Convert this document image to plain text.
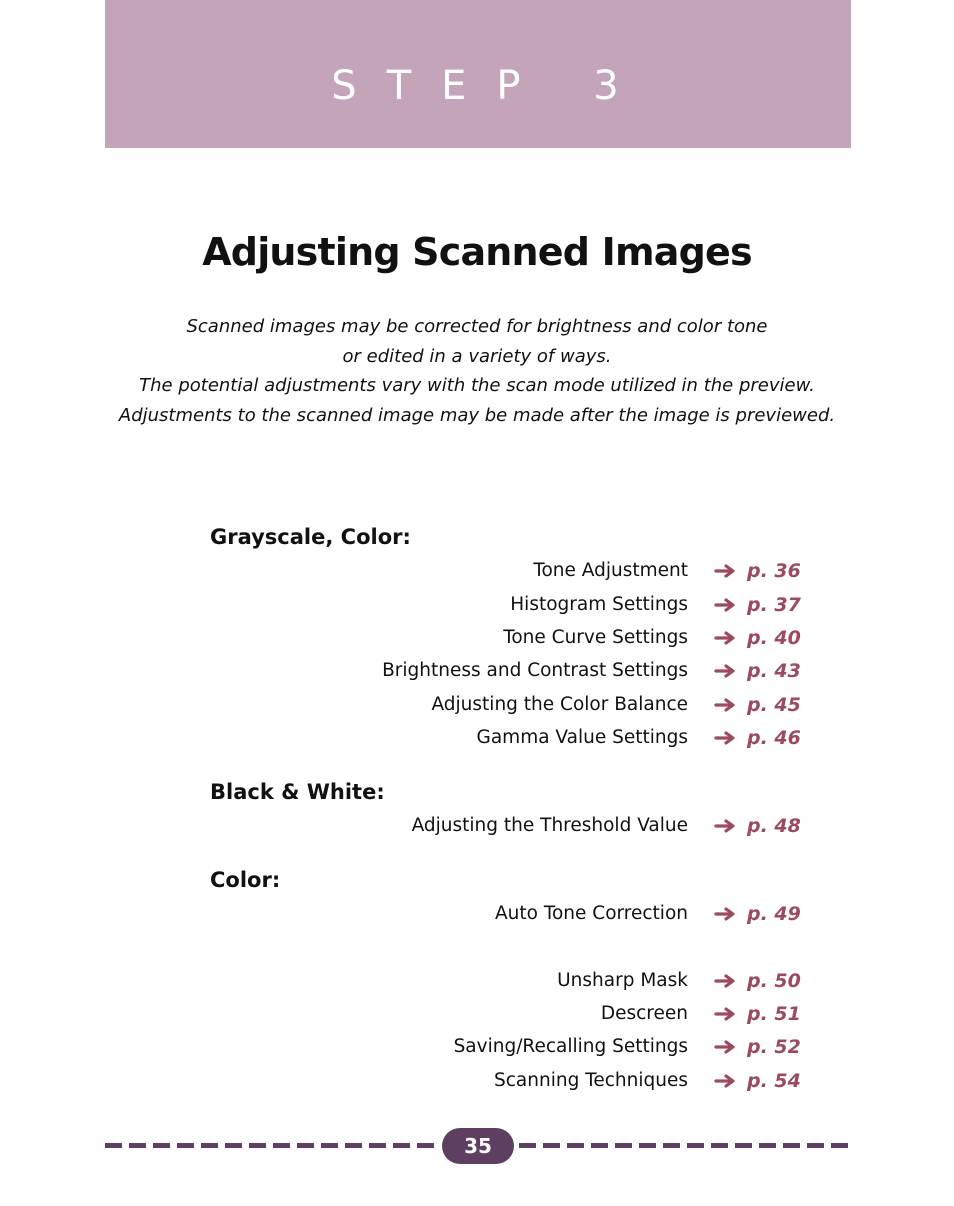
STEP 3
Adjusting Scanned Images
Scanned images may be corrected for brightness and color tone
or edited in a variety of ways.
The potential adjustments vary with the scan mode utilized in the preview.
Adjustments to the scanned image may be made after the image is previewed.
Grayscale, Color:
Black & White:
Color:
Tone Adjustment	p. 36
Histogram Settings	p. 37
Tone Curve Settings	p. 40
Brightness and Contrast Settings	p. 43
Adjusting the Color Balance	p. 45
Gamma Value Settings	p. 46
Adjusting the Threshold Value	p. 48
Auto Tone Correction	p. 49
Unsharp Mask	p. 50
Descreen	p. 51
Saving/Recalling Settings	p. 52
Scanning Techniques	p. 54
35
